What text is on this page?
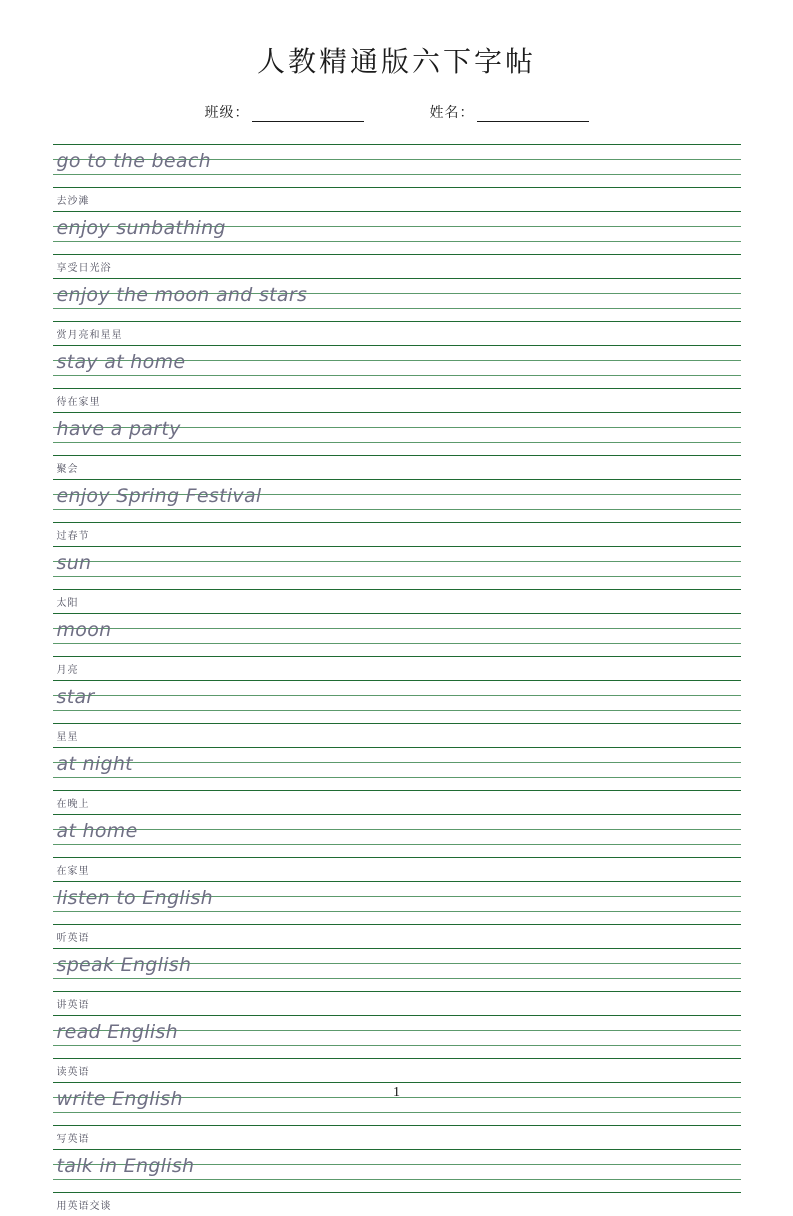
人教精通版六下字帖
班级：	姓名：
go to the beach
去沙滩
enjoy sunbathing
享受日光浴
enjoy the moon and stars
赏月亮和星星
stay at home
待在家里
have a party
聚会
enjoy Spring Festival
过春节
sun
太阳
moon
月亮
star
星星
at night
在晚上
at home
在家里
listen to English
听英语
speak English
讲英语
read English
读英语
write English
写英语
talk in English
用英语交谈
1
